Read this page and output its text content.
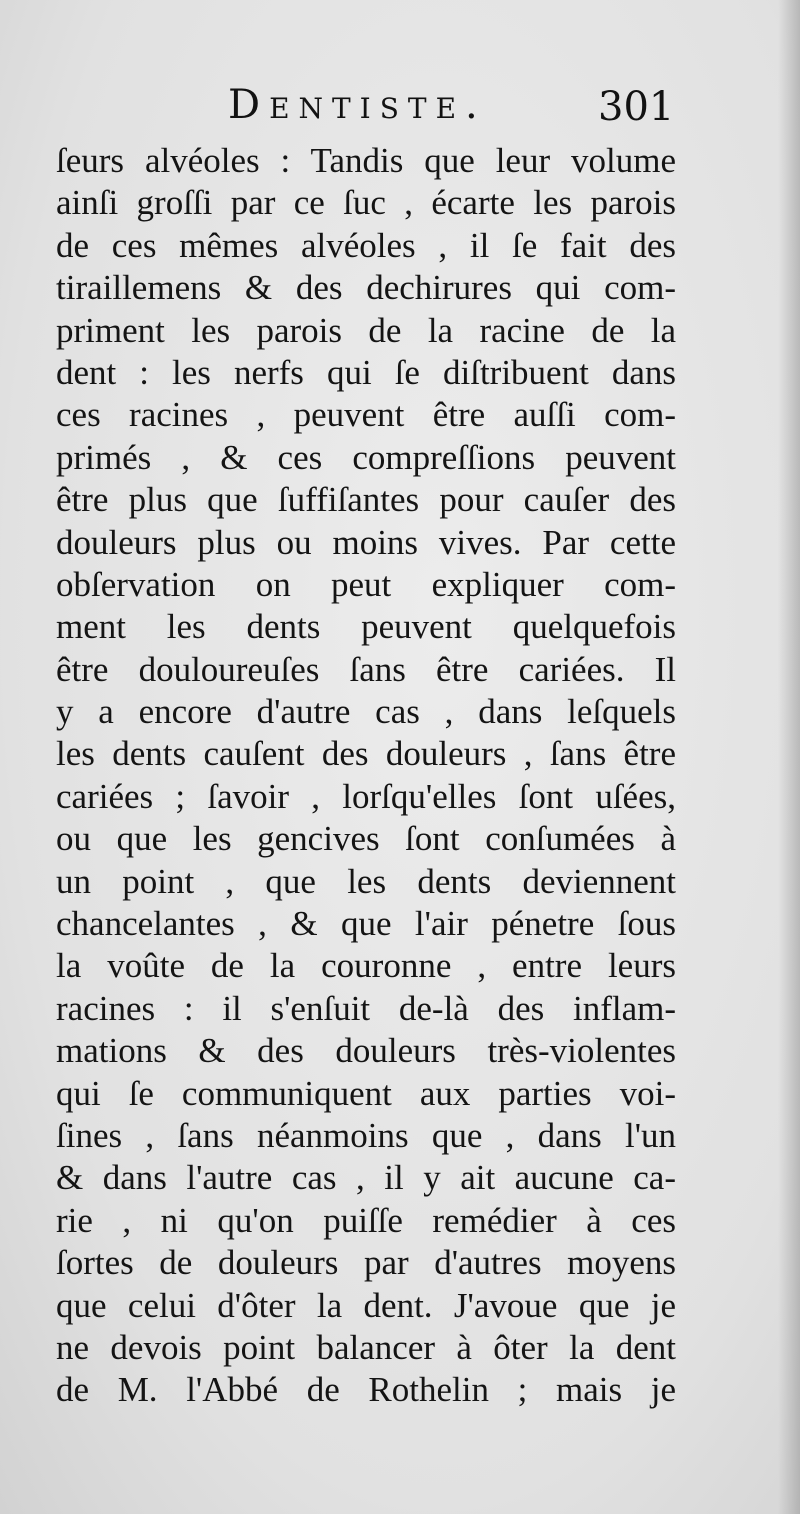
Dentiste.	301
ſeurs alvéoles : Tandis que leur volume
ainſi groſſi par ce ſuc , écarte les parois
de ces mêmes alvéoles , il ſe fait des
tiraillemens & des dechirures qui com-
priment les parois de la racine de la
dent : les nerfs qui ſe diſtribuent dans
ces racines , peuvent être auſſi com-
primés , & ces compreſſions peuvent
être plus que ſuffiſantes pour cauſer des
douleurs plus ou moins vives. Par cette
obſervation on peut expliquer com-
ment les dents peuvent quelquefois
être douloureuſes ſans être cariées. Il
y a encore d'autre cas , dans leſquels
les dents cauſent des douleurs , ſans être
cariées ; ſavoir , lorſqu'elles ſont uſées,
ou que les gencives ſont conſumées à
un point , que les dents deviennent
chancelantes , & que l'air pénetre ſous
la voûte de la couronne , entre leurs
racines : il s'enſuit de-là des inflam-
mations & des douleurs très-violentes
qui ſe communiquent aux parties voi-
ſines , ſans néanmoins que , dans l'un
& dans l'autre cas , il y ait aucune ca-
rie , ni qu'on puiſſe remédier à ces
ſortes de douleurs par d'autres moyens
que celui d'ôter la dent. J'avoue que je
ne devois point balancer à ôter la dent
de M. l'Abbé de Rothelin ; mais je
